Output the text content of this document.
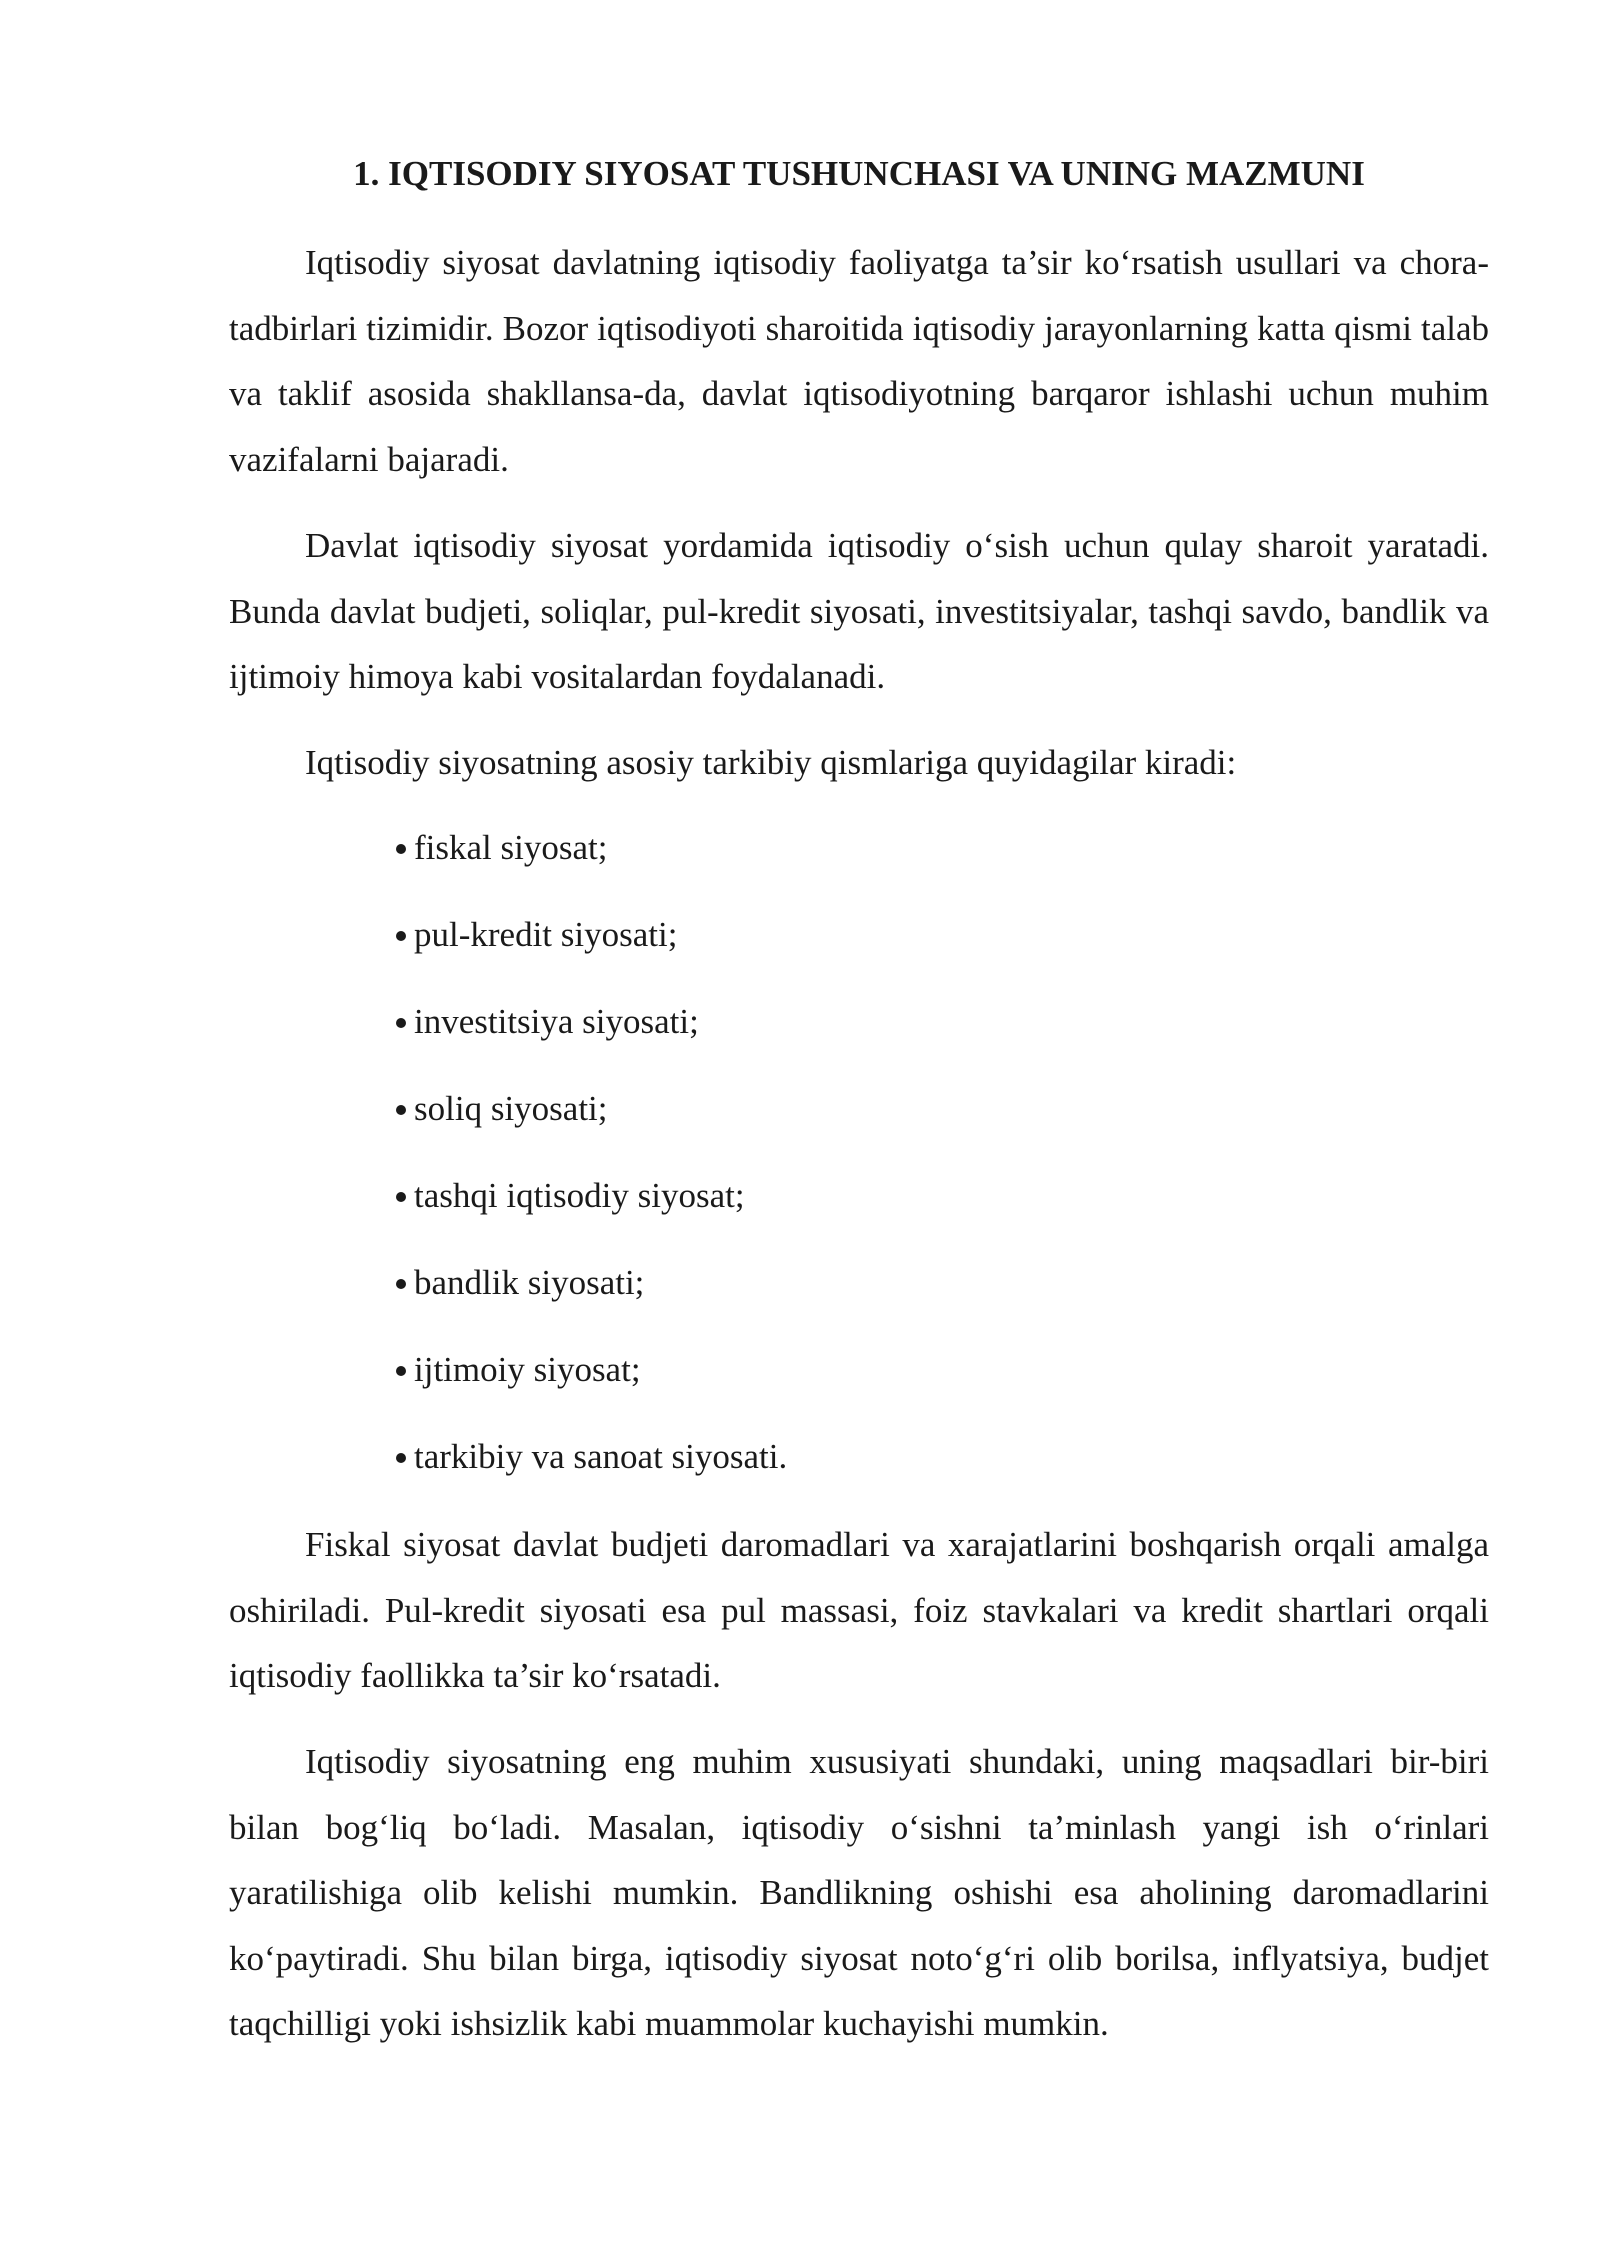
1. IQTISODIY SIYOSAT TUSHUNCHASI VA UNING MAZMUNI

Iqtisodiy siyosat davlatning iqtisodiy faoliyatga ta’sir ko‘rsatish usullari va chora-tadbirlari tizimidir. Bozor iqtisodiyoti sharoitida iqtisodiy jarayonlarning katta qismi talab va taklif asosida shakllansa-da, davlat iqtisodiyotning barqaror ishlashi uchun muhim vazifalarni bajaradi.

Davlat iqtisodiy siyosat yordamida iqtisodiy o‘sish uchun qulay sharoit yaratadi. Bunda davlat budjeti, soliqlar, pul-kredit siyosati, investitsiyalar, tashqi savdo, bandlik va ijtimoiy himoya kabi vositalardan foydalanadi.

Iqtisodiy siyosatning asosiy tarkibiy qismlariga quyidagilar kiradi:

fiskal siyosat;
pul-kredit siyosati;
investitsiya siyosati;
soliq siyosati;
tashqi iqtisodiy siyosat;
bandlik siyosati;
ijtimoiy siyosat;
tarkibiy va sanoat siyosati.

Fiskal siyosat davlat budjeti daromadlari va xarajatlarini boshqarish orqali amalga oshiriladi. Pul-kredit siyosati esa pul massasi, foiz stavkalari va kredit shartlari orqali iqtisodiy faollikka ta’sir ko‘rsatadi.

Iqtisodiy siyosatning eng muhim xususiyati shundaki, uning maqsadlari bir-biri bilan bog‘liq bo‘ladi. Masalan, iqtisodiy o‘sishni ta’minlash yangi ish o‘rinlari yaratilishiga olib kelishi mumkin. Bandlikning oshishi esa aholining daromadlarini ko‘paytiradi. Shu bilan birga, iqtisodiy siyosat noto‘g‘ri olib borilsa, inflyatsiya, budjet taqchilligi yoki ishsizlik kabi muammolar kuchayishi mumkin.
